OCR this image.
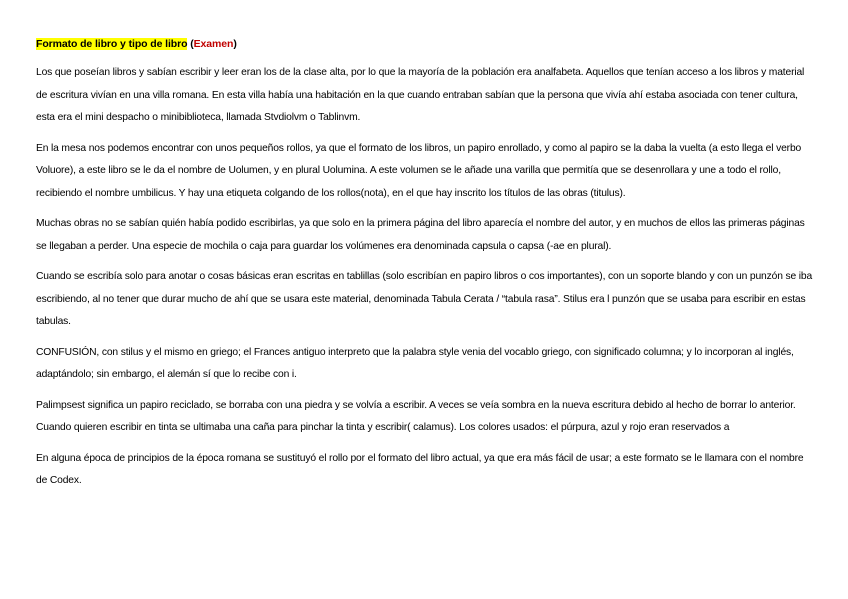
Formato de libro y tipo de libro (Examen)

Los que poseían libros y sabían escribir y leer eran los de la clase alta, por lo que la mayoría de la población era analfabeta. Aquellos que tenían acceso a los libros y material de escritura vivían en una villa romana. En esta villa había una habitación en la que cuando entraban sabían que la persona que vivía ahí estaba asociada con tener cultura, esta era el mini despacho o minibiblioteca, llamada Stvdiolvm o Tablinvm.

En la mesa nos podemos encontrar con unos pequeños rollos, ya que el formato de los libros, un papiro enrollado, y como al papiro se la daba la vuelta (a esto llega el verbo Voluore), a este libro se le da el nombre de Uolumen, y en plural Uolumina. A este volumen se le añade una varilla que permitía que se desenrollara y une a todo el rollo, recibiendo el nombre umbilicus. Y hay una etiqueta colgando de los rollos(nota), en el que hay inscrito los títulos de las obras (titulus).

Muchas obras no se sabían quién había podido escribirlas, ya que solo en la primera página del libro aparecía el nombre del autor, y en muchos de ellos las primeras páginas se llegaban a perder. Una especie de mochila o caja para guardar los volúmenes era denominada capsula o capsa (-ae en plural).

Cuando se escribía solo para anotar o cosas básicas eran escritas en tablillas (solo escribían en papiro libros o cos importantes), con un soporte blando y con un punzón se iba escribiendo, al no tener que durar mucho de ahí que se usara este material, denominada Tabula Cerata / “tabula rasa”. Stilus era l punzón que se usaba para escribir en estas tabulas.

CONFUSIÓN, con stilus y el mismo en griego; el Frances antiguo interpreto que la palabra style venia del vocablo griego, con significado columna; y lo incorporan al inglés, adaptándolo; sin embargo, el alemán sí que lo recibe con i.

Palimpsest significa un papiro reciclado, se borraba con una piedra y se volvía a escribir. A veces se veía sombra en la nueva escritura debido al hecho de borrar lo anterior. Cuando quieren escribir en tinta se ultimaba una caña para pinchar la tinta y escribir( calamus). Los colores usados: el púrpura, azul y rojo eran reservados a

En alguna época de principios de la época romana se sustituyó el rollo por el formato del libro actual, ya que era más fácil de usar; a este formato se le llamara con el nombre de Codex.
